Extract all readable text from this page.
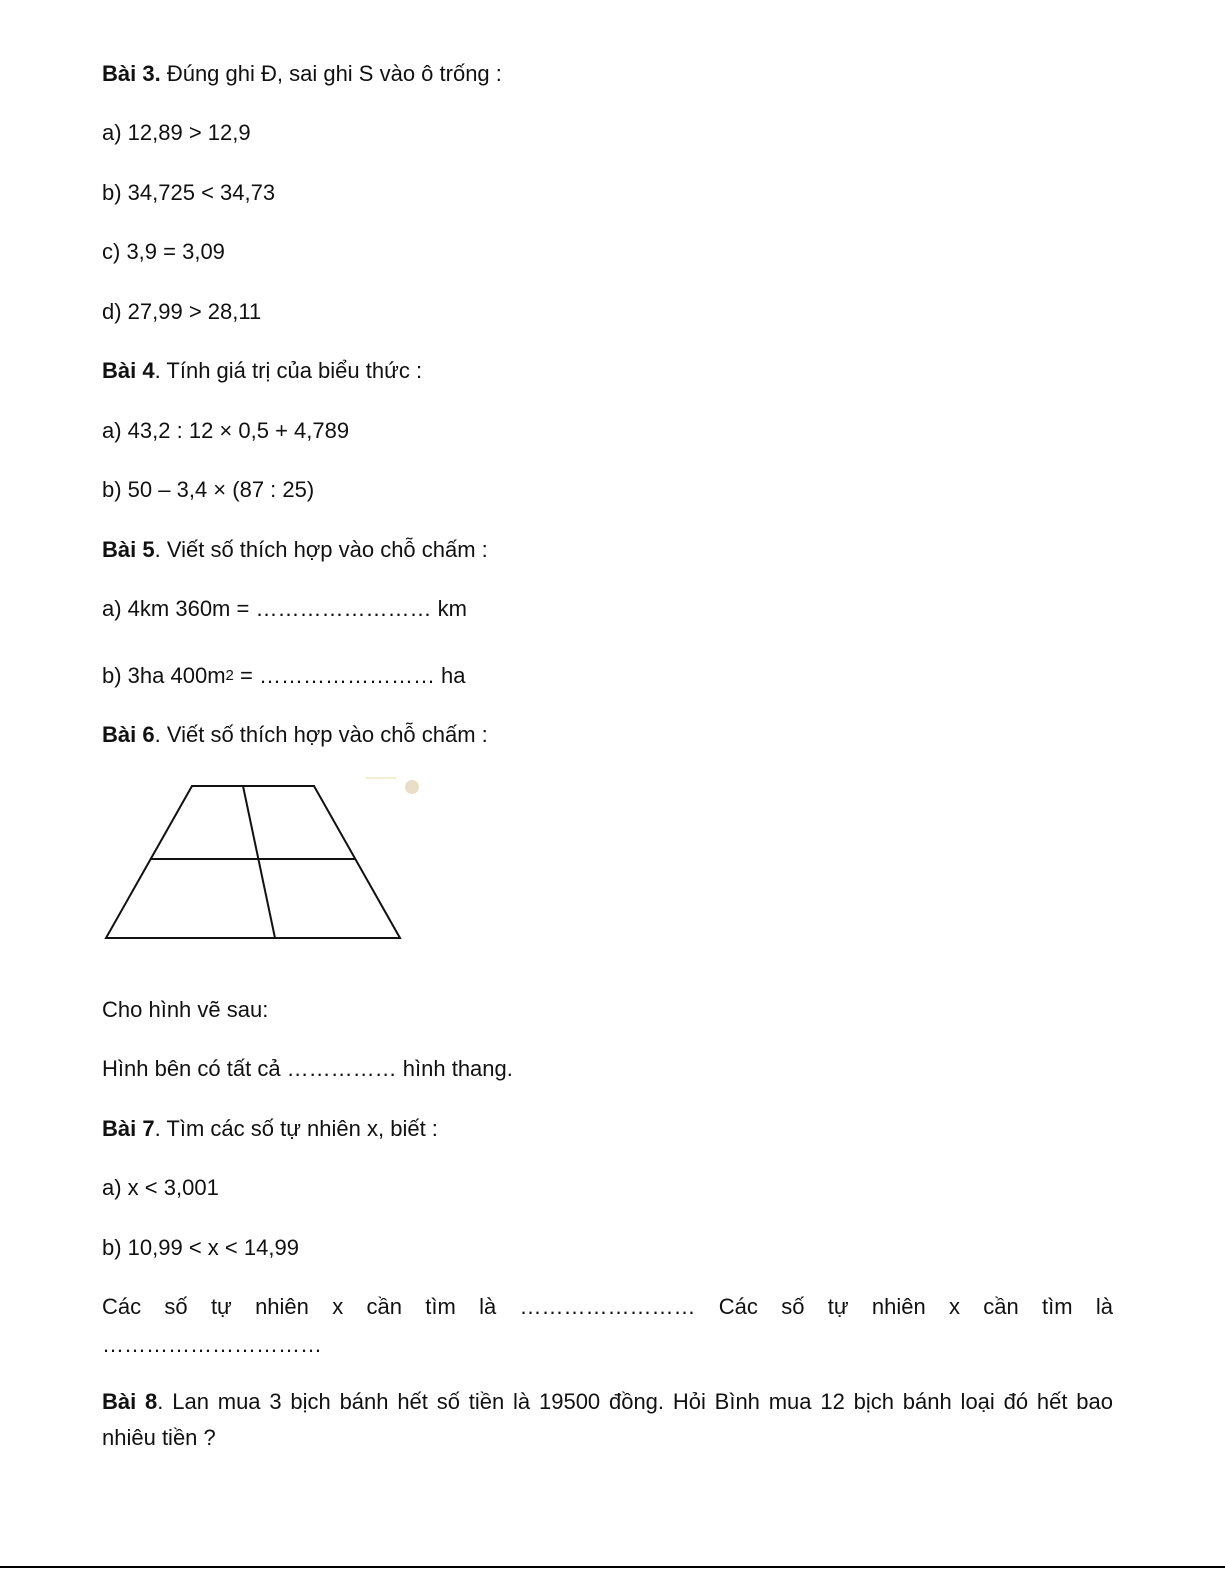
Bài 3. Đúng ghi Đ, sai ghi S vào ô trống :
a) 12,89 > 12,9
b) 34,725 < 34,73
c) 3,9 = 3,09
d) 27,99 > 28,11
Bài 4. Tính giá trị của biểu thức :
a) 43,2 : 12 × 0,5 + 4,789
b) 50 – 3,4 × (87 : 25)
Bài 5. Viết số thích hợp vào chỗ chấm :
a) 4km 360m = …………………… km
b) 3ha $400m^2$ = …………………… ha
Bài 6. Viết số thích hợp vào chỗ chấm :
Cho hình vẽ sau:
Hình bên có tất cả …………… hình thang.
Bài 7. Tìm các số tự nhiên x, biết :
a) x < 3,001
b) 10,99 < x < 14,99
Các số tự nhiên x cần tìm là …………………… Các số tự nhiên x cần tìm là
…………………………
Bài 8. Lan mua 3 bịch bánh hết số tiền là 19500 đồng. Hỏi Bình mua 12 bịch bánh loại đó hết bao nhiêu tiền ?
